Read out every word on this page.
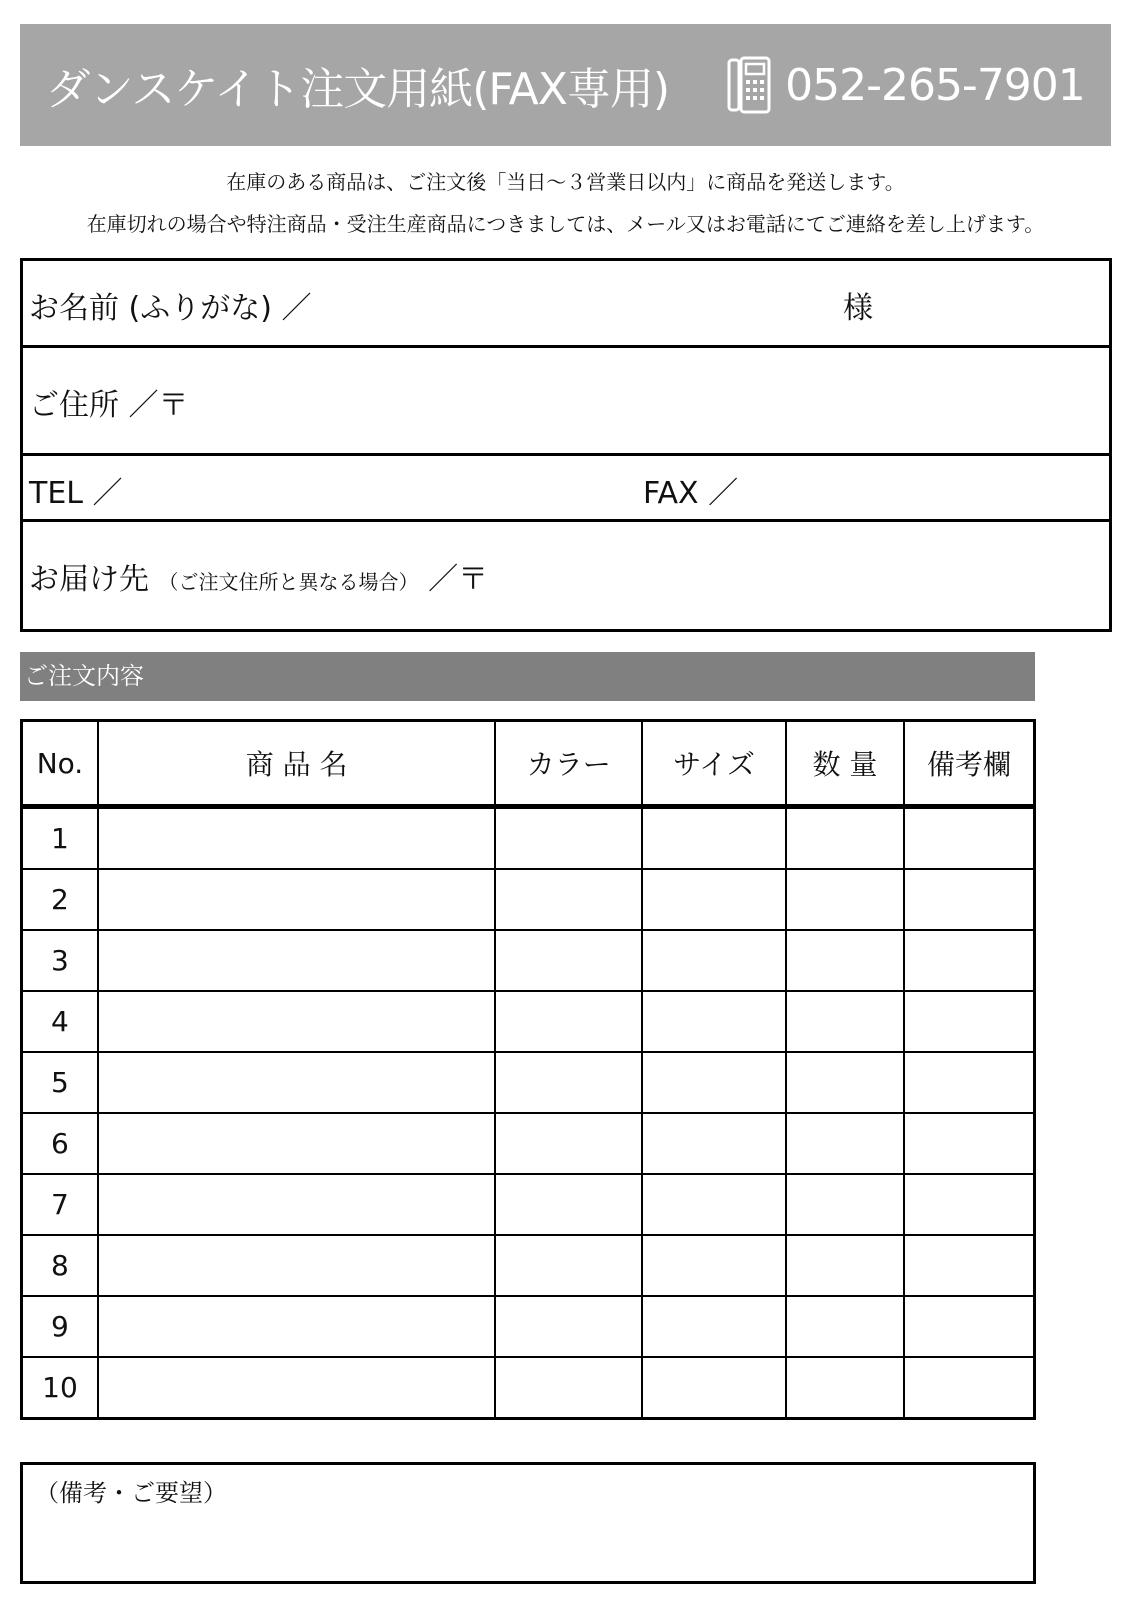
ダンスケイト注文用紙(FAX専用)	052-265-7901
在庫のある商品は、ご注文後「当日～３営業日以内」に商品を発送します。
在庫切れの場合や特注商品・受注生産商品につきましては、メール又はお電話にてご連絡を差し上げます。
お名前 (ふりがな) ／	様
ご住所 ／〒
TEL ／	FAX ／
お届け先 （ご注文住所と異なる場合） ／〒
ご注文内容
No.	商 品 名	カラー	サイズ	数 量	備考欄
1					
2					
3					
4					
5					
6					
7					
8					
9					
10					
（備考・ご要望）
